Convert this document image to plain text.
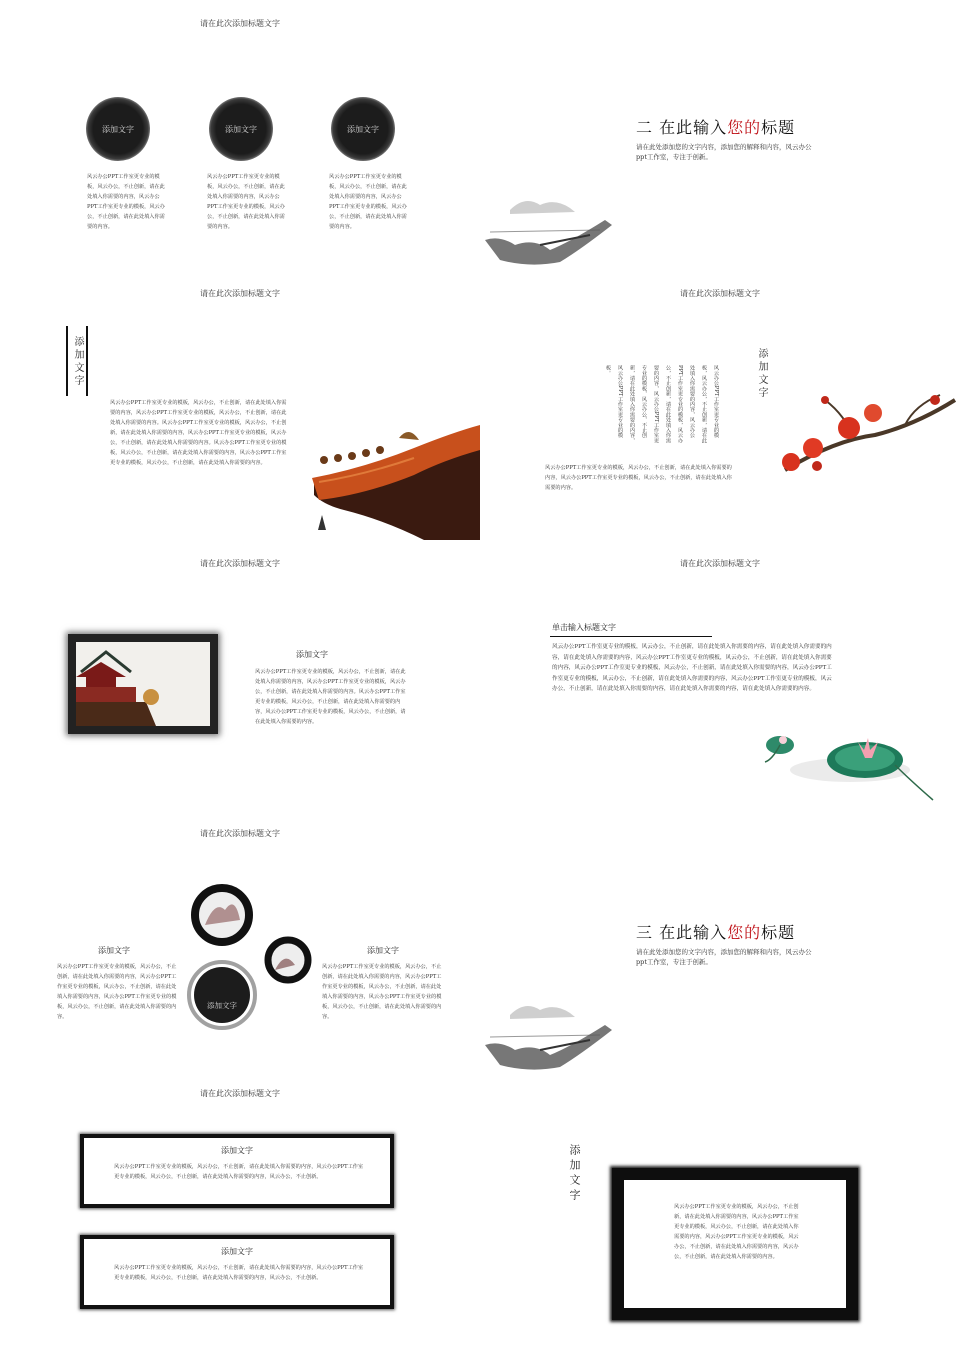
请在此次添加标题文字
添加文字	添加文字	添加文字

风云办公PPT工作室更专业的模板，风云办公，不止创新，请在此处填入你需要的内容，风云办公PPT工作室更专业的模板，风云办公，不止创新，请在此处填入你需要的内容。

风云办公PPT工作室更专业的模板，风云办公，不止创新，请在此处填入你需要的内容，风云办公PPT工作室更专业的模板，风云办公，不止创新，请在此处填入你需要的内容。

风云办公PPT工作室更专业的模板，风云办公，不止创新，请在此处填入你需要的内容，风云办公PPT工作室更专业的模板，风云办公，不止创新，请在此处填入你需要的内容。

二 在此输入您的标题
请在此处添加您的文字内容，添加您的解释和内容，风云办公ppt工作室，专注于创新。
请在此次添加标题文字
添加文字

风云办公PPT工作室更专业的模板，风云办公，不止创新，请在此处填入你需要的内容，风云办公PPT工作室更专业的模板，风云办公，不止创新，请在此处填入你需要的内容。风云办公PPT工作室更专业的模板，风云办公，不止创新，请在此处填入你需要的内容，风云办公PPT工作室更专业的模板，风云办公，不止创新，请在此处填入你需要的内容。风云办公PPT工作室更专业的模板，风云办公，不止创新，请在此处填入你需要的内容，风云办公PPT工作室更专业的模板，风云办公，不止创新，请在此处填入你需要的内容。

请在此次添加标题文字
添加文字
风云办公PPT工作室更专业的模板，风云办公，不止创新，请在此处填入你需要的内容，风云办公PPT工作室更专业的模板，风云办公，不止创新，请在此处填入你需要的内容，风云办公PPT工作室更专业的模板，风云办公，不止创新，请在此处填入你需要的内容，风云办公PPT工作室更专业的模板。

风云办公PPT工作室更专业的模板，风云办公，不止创新，请在此处填入你需要的内容，风云办公PPT工作室更专业的模板，风云办公，不止创新，请在此处填入你需要的内容。

请在此次添加标题文字
添加文字

风云办公PPT工作室更专业的模板，风云办公，不止创新，请在此处填入你需要的内容，风云办公PPT工作室更专业的模板，风云办公，不止创新，请在此处填入你需要的内容。风云办公PPT工作室更专业的模板，风云办公，不止创新，请在此处填入你需要的内容，风云办公PPT工作室更专业的模板，风云办公，不止创新，请在此处填入你需要的内容。

请在此次添加标题文字
单击输入标题文字

风云办公PPT工作室更专业的模板，风云办公，不止创新，请在此处填入你需要的内容，请在此处填入你需要的内容，请在此处填入你需要的内容，风云办公PPT工作室更专业的模板，风云办公，不止创新，请在此处填入你需要的内容，风云办公PPT工作室更专业的模板，风云办公，不止创新，请在此处填入你需要的内容，风云办公PPT工作室更专业的模板，风云办公，不止创新，请在此处填入你需要的内容，风云办公PPT工作室更专业的模板，风云办公，不止创新，请在此处填入你需要的内容，请在此处填入你需要的内容，请在此处填入你需要的内容。

请在此次添加标题文字
添加文字
添加文字

风云办公PPT工作室更专业的模板，风云办公，不止创新，请在此处填入你需要的内容，风云办公PPT工作室更专业的模板，风云办公，不止创新，请在此处填入你需要的内容，风云办公PPT工作室更专业的模板，风云办公，不止创新，请在此处填入你需要的内容。

添加文字

风云办公PPT工作室更专业的模板，风云办公，不止创新，请在此处填入你需要的内容，风云办公PPT工作室更专业的模板，风云办公，不止创新，请在此处填入你需要的内容，风云办公PPT工作室更专业的模板，风云办公，不止创新，请在此处填入你需要的内容。

三 在此输入您的标题
请在此处添加您的文字内容，添加您的解释和内容，风云办公ppt工作室，专注于创新。
请在此次添加标题文字
添加文字

风云办公PPT工作室更专业的模板，风云办公，不止创新，请在此处填入你需要的内容，风云办公PPT工作室更专业的模板，风云办公，不止创新，请在此处填入你需要的内容，风云办公，不止创新。

添加文字

风云办公PPT工作室更专业的模板，风云办公，不止创新，请在此处填入你需要的内容，风云办公PPT工作室更专业的模板，风云办公，不止创新，请在此处填入你需要的内容，风云办公，不止创新。

添加文字

风云办公PPT工作室更专业的模板，风云办公，不止创新，请在此处填入你需要的内容，风云办公PPT工作室更专业的模板，风云办公，不止创新，请在此处填入你需要的内容，风云办公PPT工作室更专业的模板，风云办公，不止创新，请在此处填入你需要的内容，风云办公，不止创新，请在此处填入你需要的内容。
